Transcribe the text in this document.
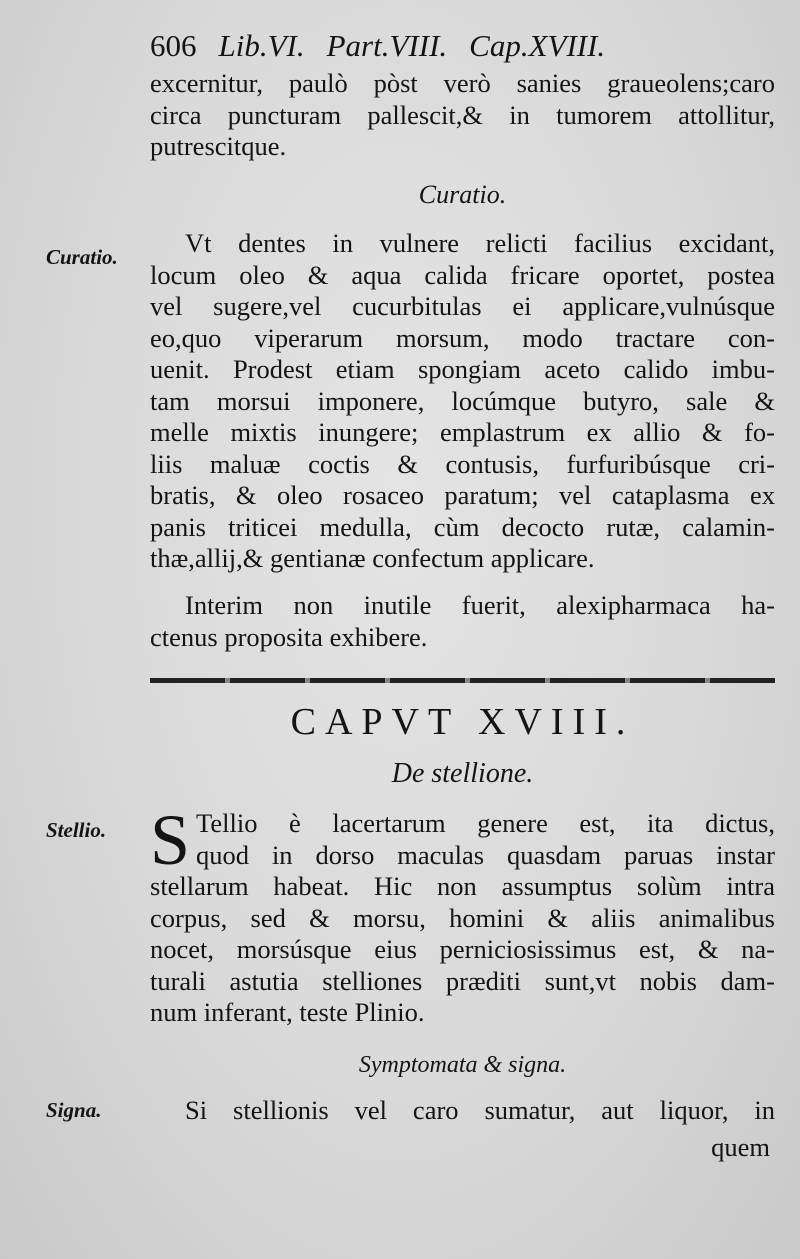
606 Lib.VI. Part.VIII. Cap.XVIII.
excernitur, paulò pòst verò sanies graueolens;caro
circa puncturam pallescit,& in tumorem attollitur,
putrescitque.
Curatio.
Curatio.	Vt dentes in vulnere relicti facilius excidant,
locum oleo & aqua calida fricare oportet, postea
vel sugere,vel cucurbitulas ei applicare,vulnúsque
eo,quo viperarum morsum, modo tractare con-
uenit. Prodest etiam spongiam aceto calido imbu-
tam morsui imponere, locúmque butyro, sale &
melle mixtis inungere; emplastrum ex allio & fo-
liis maluæ coctis & contusis, furfuribúsque cri-
bratis, & oleo rosaceo paratum; vel cataplasma ex
panis triticei medulla, cùm decocto rutæ, calamin-
thæ,allij,& gentianæ confectum applicare.
Interim non inutile fuerit, alexipharmaca ha-
ctenus proposita exhibere.
CAPVT XVIII.
De stellione.
Stellio. S Tellio è lacertarum genere est, ita dictus,
quod in dorso maculas quasdam paruas instar
stellarum habeat. Hic non assumptus solùm intra
corpus, sed & morsu, homini & aliis animalibus
nocet, morsúsque eius perniciosissimus est, & na-
turali astutia stelliones præditi sunt,vt nobis dam-
num inferant, teste Plinio.
Symptomata & signa.
Signa.	Si stellionis vel caro sumatur, aut liquor, in
quem
